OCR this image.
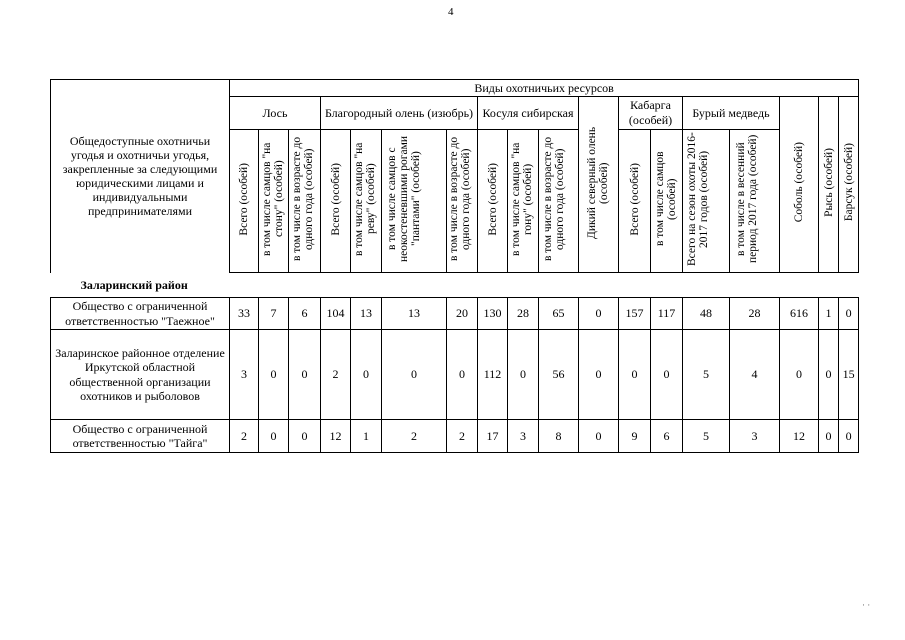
4
Общедоступные охотничьи угодья и охотничьи угодья, закрепленные за следующими юридическими лицами и индивидуальными предпринимателями	Виды охотничьих ресурсов																	
	Лось			Благородный олень (изюбрь)				Косуля сибирская			Дикий северный олень (особей)	Кабарга (особей)		Бурый медведь		Соболь (особей)	Рысь (особей)	Барсук (особей)
	Всего (особей)	в том числе самцов "на стону" (особей)	в том числе в возрасте до одного года (особей)	Всего (особей)	в том числе самцов "на реву" (особей)	в том числе самцов с неокостеневшими рогами "пантами" (особей)	в том числе в возрасте до одного года (особей)	Всего (особей)	в том числе самцов "на гону" (особей)	в том числе в возрасте до одного года (особей)		Всего (особей)	в том числе самцов (особей)	Всего на сезон охоты 2016-2017 годов (особей)	в том числе в весенний период 2017 года (особей)			
Заларинский район																		
Общество с ограниченной ответственностью "Таежное"	33	7	6	104	13	13	20	130	28	65	0	157	117	48	28	616	1	0
Заларинское районное отделение Иркутской областной общественной организации охотников и рыболовов	3	0	0	2	0	0	0	112	0	56	0	0	0	5	4	0	0	15
Общество с ограниченной ответственностью "Тайга"	2	0	0	12	1	2	2	17	3	8	0	9	6	5	3	12	0	0
· ·
